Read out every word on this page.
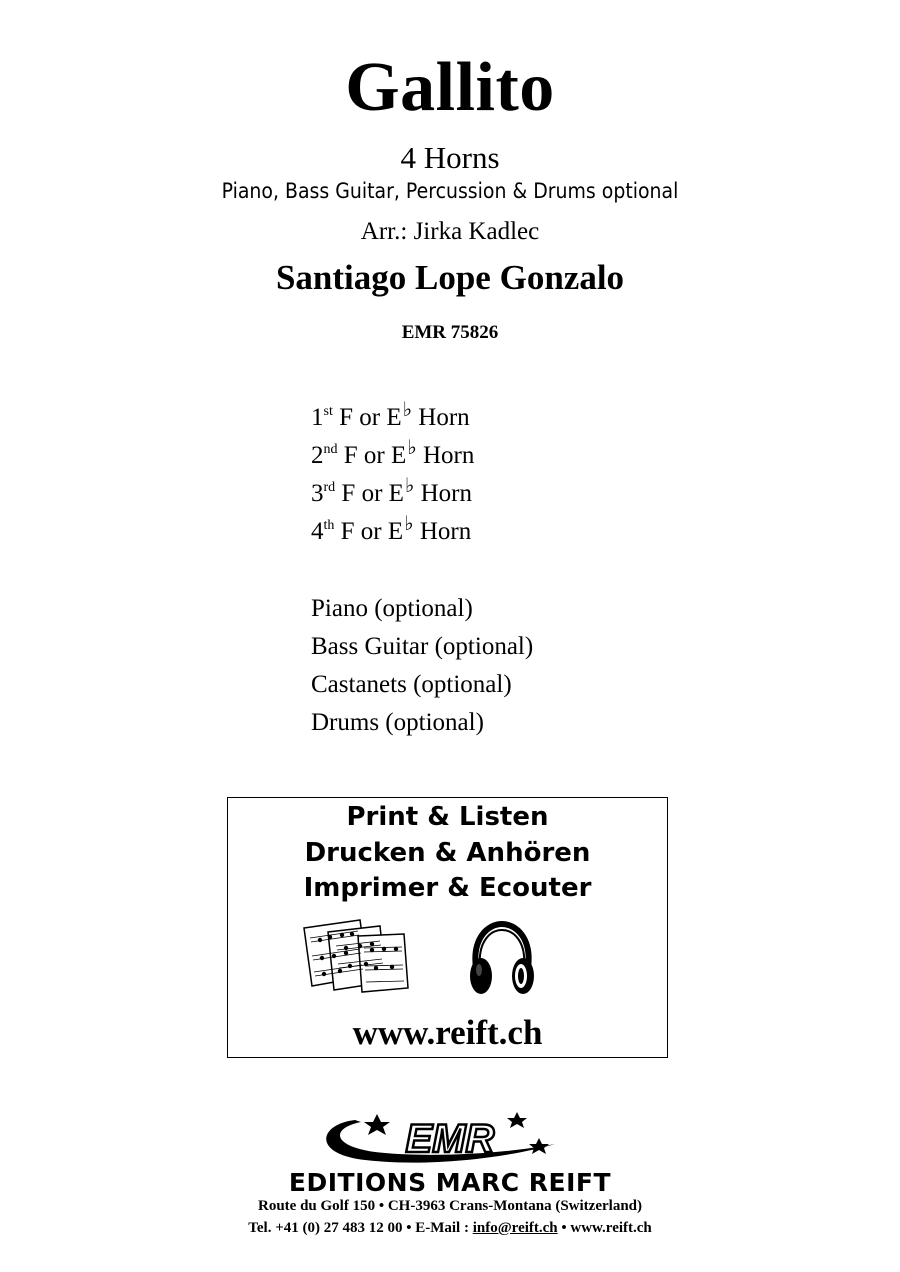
Gallito
4 Horns
Piano, Bass Guitar, Percussion & Drums optional
Arr.: Jirka Kadlec
Santiago Lope Gonzalo
EMR 75826
1st F or E♭ Horn
2nd F or E♭ Horn
3rd F or E♭ Horn
4th F or E♭ Horn
Piano (optional)
Bass Guitar (optional)
Castanets (optional)
Drums (optional)
Print & Listen
Drucken & Anhören
Imprimer & Ecouter
www.reift.ch
EMR
EDITIONS MARC REIFT
Route du Golf 150 • CH-3963 Crans-Montana (Switzerland)
Tel. +41 (0) 27 483 12 00 • E-Mail : info@reift.ch • www.reift.ch
